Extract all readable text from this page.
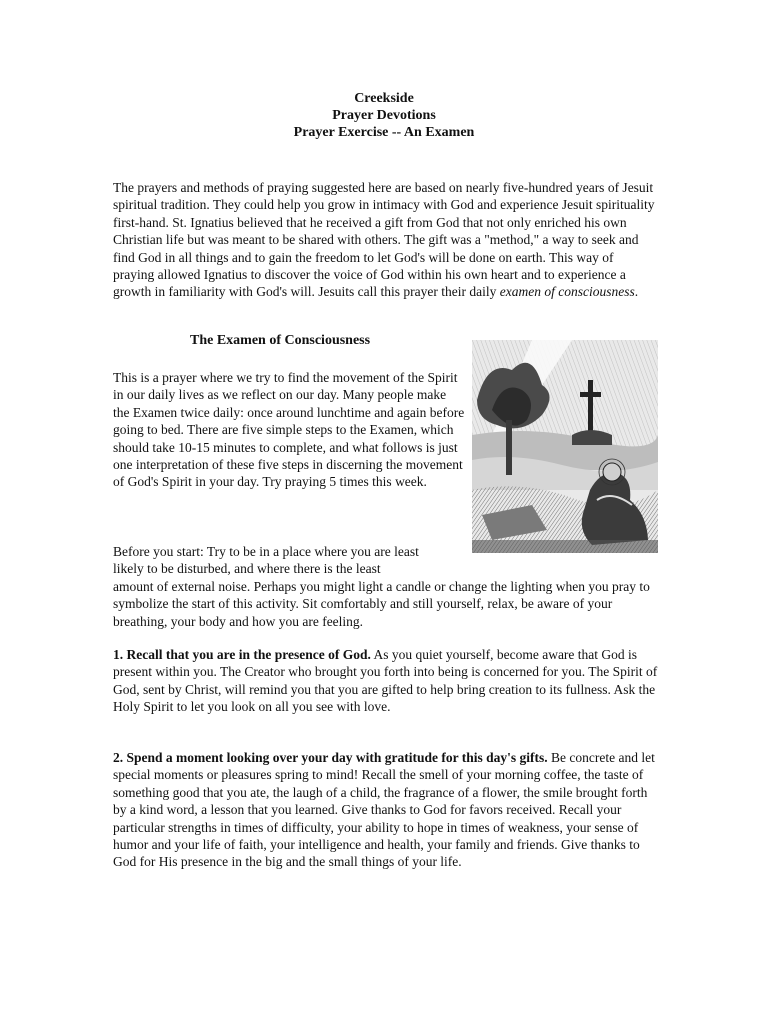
Creekside
Prayer Devotions
Prayer Exercise -- An Examen

The prayers and methods of praying suggested here are based on nearly five-hundred years of Jesuit spiritual tradition. They could help you grow in intimacy with God and experience Jesuit spirituality first-hand. St. Ignatius believed that he received a gift from God that not only enriched his own Christian life but was meant to be shared with others. The gift was a "method," a way to seek and find God in all things and to gain the freedom to let God's will be done on earth. This way of praying allowed Ignatius to discover the voice of God within his own heart and to experience a growth in familiarity with God's will. Jesuits call this prayer their daily examen of consciousness.

The Examen of Consciousness

This is a prayer where we try to find the movement of the Spirit in our daily lives as we reflect on our day. Many people make the Examen twice daily: once around lunchtime and again before going to bed. There are five simple steps to the Examen, which should take 10-15 minutes to complete, and what follows is just one interpretation of these five steps in discerning the movement of God's Spirit in your day. Try praying 5 times this week.

Before you start: Try to be in a place where you are least
likely to be disturbed, and where there is the least
amount of external noise. Perhaps you might light a candle or change the lighting when you pray to symbolize the start of this activity. Sit comfortably and still yourself, relax, be aware of your breathing, your body and how you are feeling.

1. Recall that you are in the presence of God. As you quiet yourself, become aware that God is present within you. The Creator who brought you forth into being is concerned for you. The Spirit of God, sent by Christ, will remind you that you are gifted to help bring creation to its fullness. Ask the Holy Spirit to let you look on all you see with love.

2. Spend a moment looking over your day with gratitude for this day's gifts. Be concrete and let special moments or pleasures spring to mind! Recall the smell of your morning coffee, the taste of something good that you ate, the laugh of a child, the fragrance of a flower, the smile brought forth by a kind word, a lesson that you learned. Give thanks to God for favors received. Recall your particular strengths in times of difficulty, your ability to hope in times of weakness, your sense of humor and your life of faith, your intelligence and health, your family and friends. Give thanks to God for His presence in the big and the small things of your life.
